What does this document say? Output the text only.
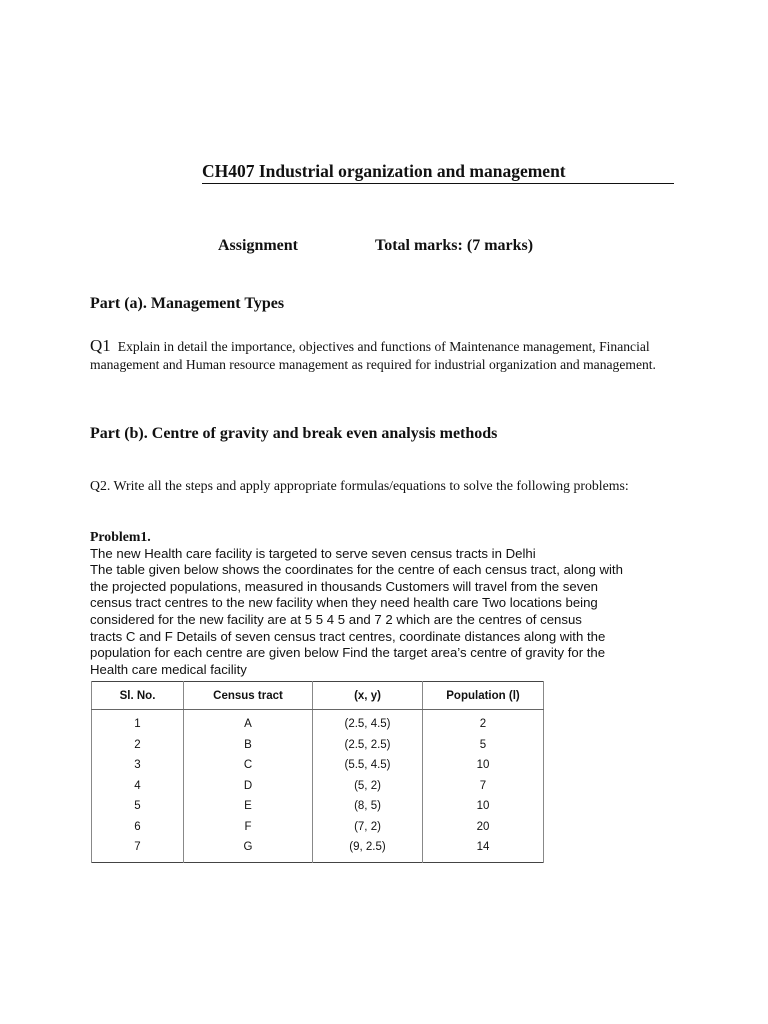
CH407 Industrial organization and management
Assignment	Total marks: (7 marks)
Part (a). Management Types

Q1 Explain in detail the importance, objectives and functions of Maintenance management, Financial management and Human resource management as required for industrial organization and management.

Part (b). Centre of gravity and break even analysis methods

Q2. Write all the steps and apply appropriate formulas/equations to solve the following problems:

Problem1.
The new Health care facility is targeted to serve seven census tracts in Delhi
The table given below shows the coordinates for the centre of each census tract, along with
the projected populations, measured in thousands Customers will travel from the seven
census tract centres to the new facility when they need health care Two locations being
considered for the new facility are at 5 5 4 5 and 7 2 which are the centres of census
tracts C and F Details of seven census tract centres, coordinate distances along with the
population for each centre are given below Find the target area’s centre of gravity for the
Health care medical facility
Sl. No.	Census tract	(x, y)	Population (l)
1	A	(2.5, 4.5)	2
2	B	(2.5, 2.5)	5
3	C	(5.5, 4.5)	10
4	D	(5, 2)	7
5	E	(8, 5)	10
6	F	(7, 2)	20
7	G	(9, 2.5)	14
